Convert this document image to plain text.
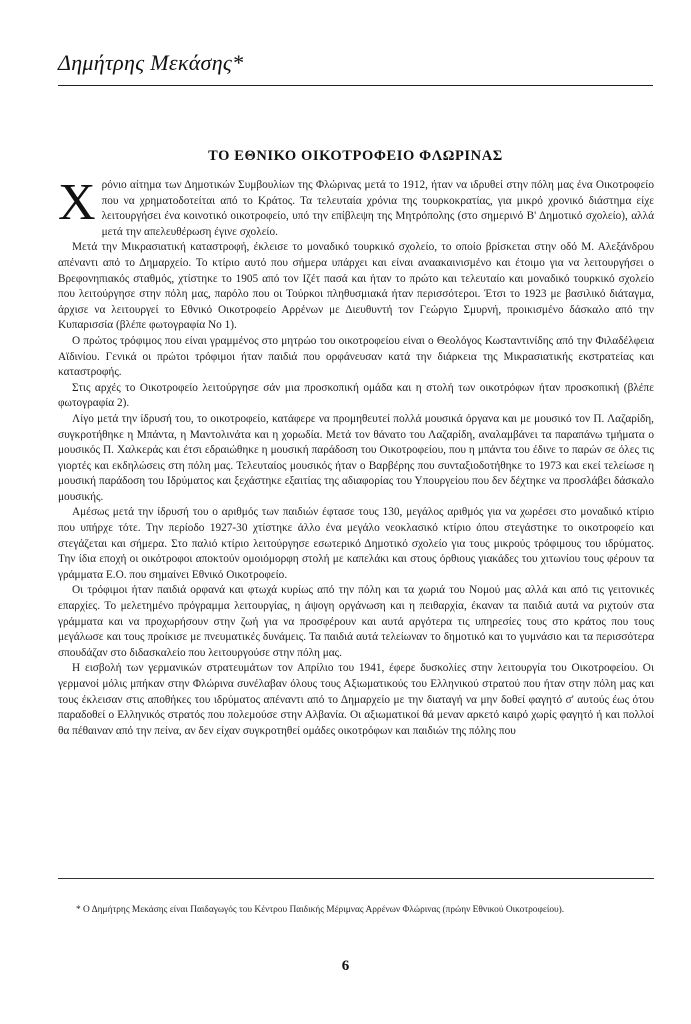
Δημήτρης Μεκάσης*
ΤΟ ΕΘΝΙΚΟ ΟΙΚΟΤΡΟΦΕΙΟ ΦΛΩΡΙΝΑΣ

Χρόνιο αίτημα των Δημοτικών Συμβουλίων της Φλώρινας μετά το 1912, ήταν να ιδρυθεί στην πόλη μας ένα Οικοτροφείο που να χρηματοδοτείται από το Κράτος. Τα τελευταία χρόνια της τουρκοκρατίας, για μικρό χρονικό διάστημα είχε λειτουργήσει ένα κοινοτικό οικοτροφείο, υπό την επίβλεψη της Μητρόπολης (στο σημερινό Β' Δημοτικό σχολείο), αλλά μετά την απελευθέρωση έγινε σχολείο.

Μετά την Μικρασιατική καταστροφή, έκλεισε το μοναδικό τουρκικό σχολείο, το οποίο βρίσκεται στην οδό Μ. Αλεξάνδρου απέναντι από το Δημαρχείο. Το κτίριο αυτό που σήμερα υπάρχει και είναι αναακαινισμένο και έτοιμο για να λειτουργήσει ο Βρεφονηπιακός σταθμός, χτίστηκε το 1905 από τον Ιζέτ πασά και ήταν το πρώτο και τελευταίο και μοναδικό τουρκικό σχολείο που λειτούργησε στην πόλη μας, παρόλο που οι Τούρκοι πληθυσμιακά ήταν περισσότεροι. Έτσι το 1923 με βασιλικό διάταγμα, άρχισε να λειτουργεί το Εθνικό Οικοτροφείο Αρρένων με Διευθυντή τον Γεώργιο Σμυρνή, προικισμένο δάσκαλο από την Κυπαρισσία (βλέπε φωτογραφία Νο 1).

Ο πρώτος τρόφιμος που είναι γραμμένος στο μητρώο του οικοτροφείου είναι ο Θεολόγος Κωσταντινίδης από την Φιλαδέλφεια Αϊδινίου. Γενικά οι πρώτοι τρόφιμοι ήταν παιδιά που ορφάνευσαν κατά την διάρκεια της Μικρασιατικής εκστρατείας και καταστροφής.

Στις αρχές το Οικοτροφείο λειτούργησε σάν μια προσκοπική ομάδα και η στολή των οικοτρόφων ήταν προσκοπική (βλέπε φωτογραφία 2).

Λίγο μετά την ίδρυσή του, το οικοτροφείο, κατάφερε να προμηθευτεί πολλά μουσικά όργανα και με μουσικό τον Π. Λαζαρίδη, συγκροτήθηκε η Μπάντα, η Μαντολινάτα και η χορωδία. Μετά τον θάνατο του Λαζαρίδη, αναλαμβάνει τα παραπάνω τμήματα ο μουσικός Π. Χαλκεράς και έτσι εδραιώθηκε η μουσική παράδοση του Οικοτροφείου, που η μπάντα του έδινε το παρών σε όλες τις γιορτές και εκδηλώσεις στη πόλη μας. Τελευταίος μουσικός ήταν ο Βαρβέρης που συνταξιοδοτήθηκε το 1973 και εκεί τελείωσε η μουσική παράδοση του Ιδρύματος και ξεχάστηκε εξαιτίας της αδιαφορίας του Υπουργείου που δεν δέχτηκε να προσλάβει δάσκαλο μουσικής.

Αμέσως μετά την ίδρυσή του ο αριθμός των παιδιών έφτασε τους 130, μεγάλος αριθμός για να χωρέσει στο μοναδικό κτίριο που υπήρχε τότε. Την περίοδο 1927-30 χτίστηκε άλλο ένα μεγάλο νεοκλασικό κτίριο όπου στεγάστηκε το οικοτροφείο και στεγάζεται και σήμερα. Στο παλιό κτίριο λειτούργησε εσωτερικό Δημοτικό σχολείο για τους μικρούς τρόφιμους του ιδρύματος. Την ίδια εποχή οι οικότροφοι αποκτούν ομοιόμορφη στολή με καπελάκι και στους όρθιους γιακάδες του χιτωνίου τους φέρουν τα γράμματα Ε.Ο. που σημαίνει Εθνικό Οικοτροφείο.

Οι τρόφιμοι ήταν παιδιά ορφανά και φτωχά κυρίως από την πόλη και τα χωριά του Νομού μας αλλά και από τις γειτονικές επαρχίες. Το μελετημένο πρόγραμμα λειτουργίας, η άψογη οργάνωση και η πειθαρχία, έκαναν τα παιδιά αυτά να ριχτούν στα γράμματα και να προχωρήσουν στην ζωή για να προσφέρουν και αυτά αργότερα τις υπηρεσίες τους στο κράτος που τους μεγάλωσε και τους προίκισε με πνευματικές δυνάμεις. Τα παιδιά αυτά τελείωναν το δημοτικό και το γυμνάσιο και τα περισσότερα σπουδάζαν στο διδασκαλείο που λειτουργούσε στην πόλη μας.

Η εισβολή των γερμανικών στρατευμάτων τον Απρίλιο του 1941, έφερε δυσκολίες στην λειτουργία του Οικοτροφείου. Οι γερμανοί μόλις μπήκαν στην Φλώρινα συνέλαβαν όλους τους Αξιωματικούς του Ελληνικού στρατού που ήταν στην πόλη μας και τους έκλεισαν στις αποθήκες του ιδρύματος απέναντι από το Δημαρχείο με την διαταγή να μην δοθεί φαγητό σ' αυτούς έως ότου παραδοθεί ο Ελληνικός στρατός που πολεμούσε στην Αλβανία. Οι αξιωματικοί θά μεναν αρκετό καιρό χωρίς φαγητό ή και πολλοί θα πέθαιναν από την πείνα, αν δεν είχαν συγκροτηθεί ομάδες οικοτρόφων και παιδιών της πόλης που

* Ο Δημήτρης Μεκάσης είναι Παιδαγωγός του Κέντρου Παιδικής Μέριμνας Αρρένων Φλώρινας (πρώην Εθνικού Οικοτροφείου).
6
